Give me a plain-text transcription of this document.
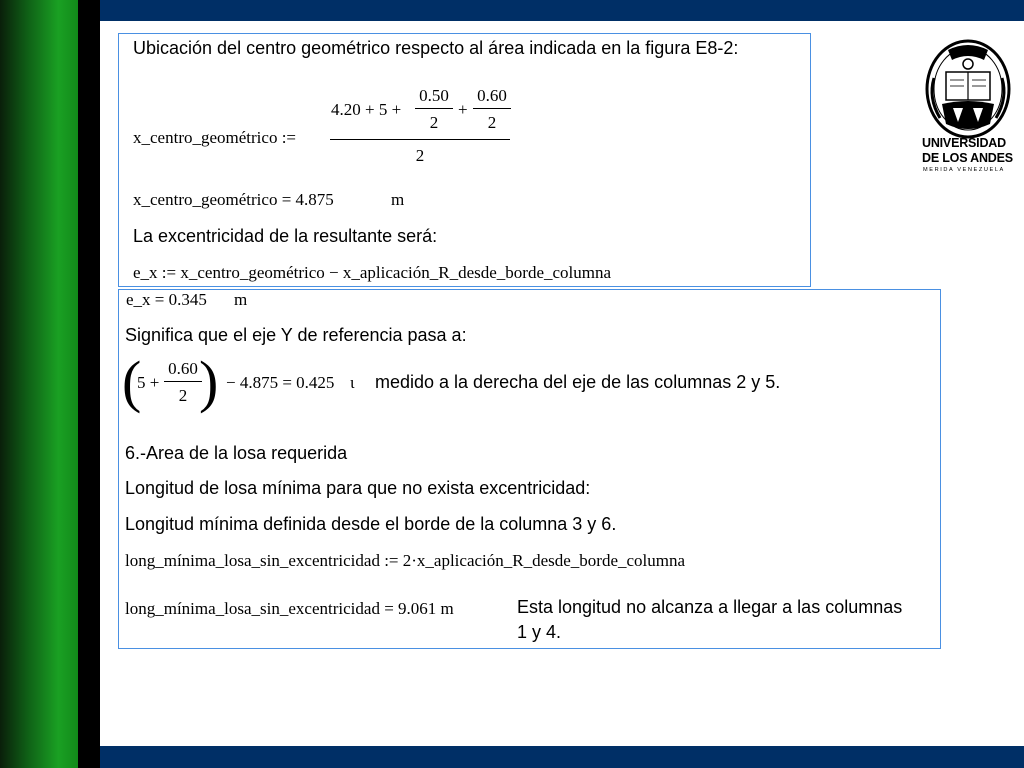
Ubicación del centro geométrico respecto al área indicada en la figura E8-2:
x_centro_geométrico :=
4.20 + 5 +
0.50
2
+
0.60
2
2
x_centro_geométrico = 4.875	m
La excentricidad de la resultante será:
e_x := x_centro_geométrico − x_aplicación_R_desde_borde_columna
e_x = 0.345 m
Significa que el eje Y de referencia pasa a:
(
5 +
0.60
2 ) − 4.875 = 0.425 ι medido a la derecha del eje de las columnas 2 y 5.
6.-Area de la losa requerida
Longitud de losa mínima para que no exista excentricidad:
Longitud mínima definida desde el borde de la columna 3 y 6.
long_mínima_losa_sin_excentricidad := 2·x_aplicación_R_desde_borde_columna
long_mínima_losa_sin_excentricidad = 9.061 m	Esta longitud no alcanza a llegar a las columnas
1 y 4.
UNIVERSIDAD
DE LOS ANDES
MERIDA VENEZUELA
